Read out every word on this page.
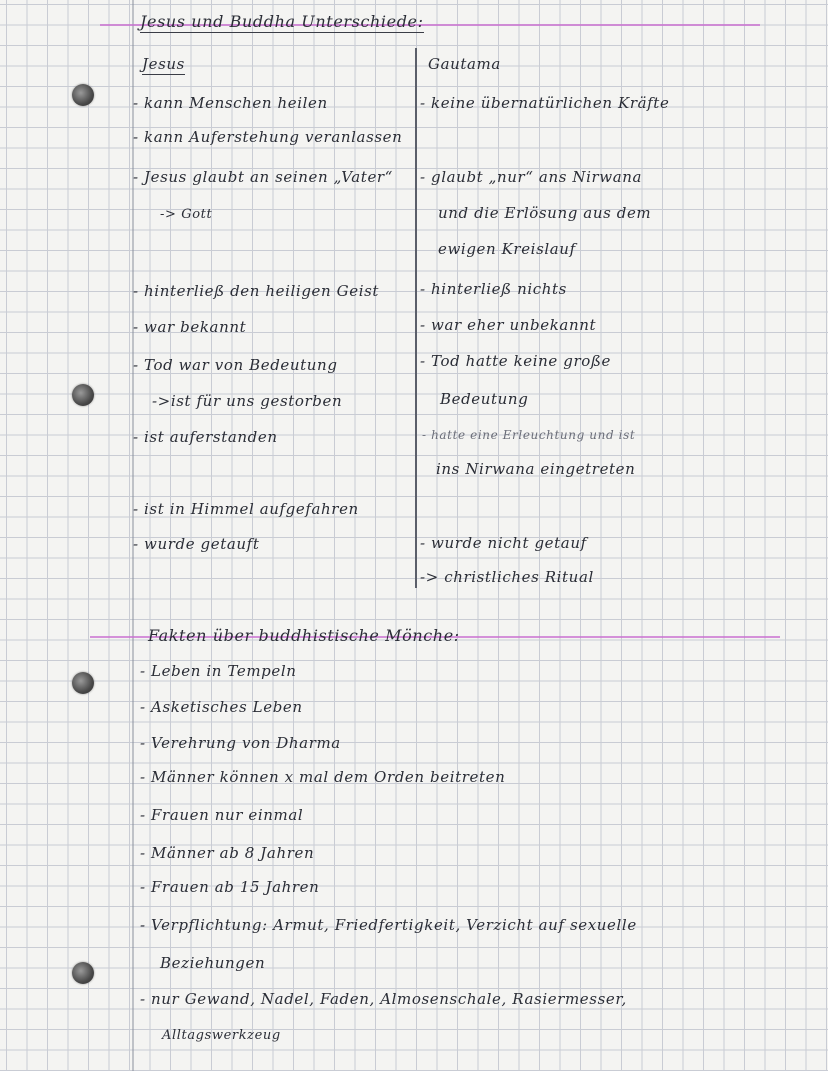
Jesus und Buddha Unterschiede:
Jesus	Gautama
- kann Menschen heilen
- kann Auferstehung veranlassen
- Jesus glaubt an seinen „Vater“
-> Gott
- hinterließ den heiligen Geist
- war bekannt
- Tod war von Bedeutung
->ist für uns gestorben
- ist auferstanden
- ist in Himmel aufgefahren
- wurde getauft
- keine übernatürlichen Kräfte
- glaubt „nur“ ans Nirwana
und die Erlösung aus dem
ewigen Kreislauf
- hinterließ nichts
- war eher unbekannt
- Tod hatte keine große
Bedeutung
- hatte eine Erleuchtung und ist
ins Nirwana eingetreten
- wurde nicht getauf
-> christliches Ritual
Fakten über buddhistische Mönche:
- Leben in Tempeln
- Asketisches Leben
- Verehrung von Dharma
- Männer können x mal dem Orden beitreten
- Frauen nur einmal
- Männer ab 8 Jahren
- Frauen ab 15 Jahren
- Verpflichtung: Armut, Friedfertigkeit, Verzicht auf sexuelle
Beziehungen
- nur Gewand, Nadel, Faden, Almosenschale, Rasiermesser,
Alltagswerkzeug
